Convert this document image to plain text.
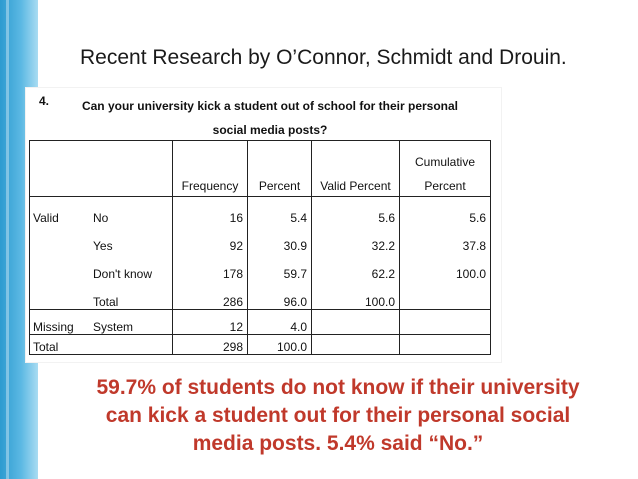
Recent Research by O’Connor, Schmidt and Drouin.
4.	Can your university kick a student out of school for their personal social media posts?
		Frequency	Percent	Valid Percent	Cumulative
Percent

Valid	No	16	5.4	5.6	5.6
	Yes	92	30.9	32.2	37.8
	Don't know	178	59.7	62.2	100.0
	Total	286	96.0	100.0	
Missing	System	12	4.0		
Total		298	100.0		
59.7% of students do not know if their university
can kick a student out for their personal social
media posts. 5.4% said “No.”
